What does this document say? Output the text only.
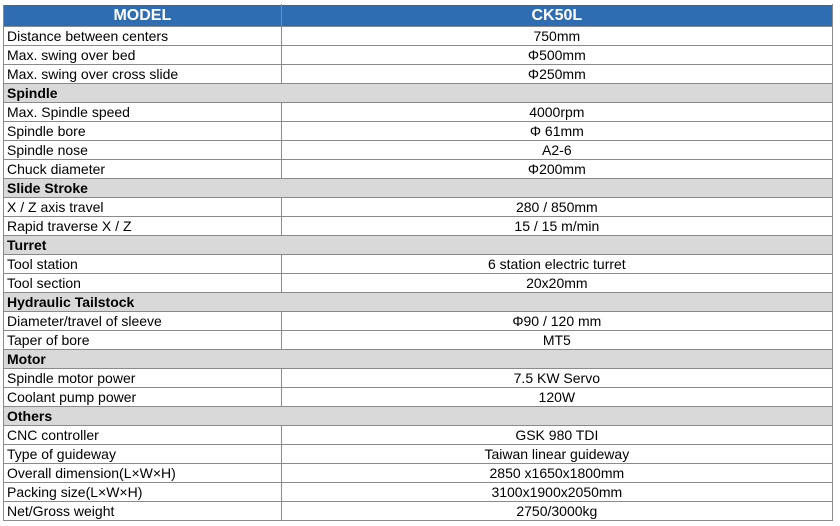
MODEL	CK50L
Distance between centers	750mm
Max. swing over bed	Φ500mm
Max. swing over cross slide	Φ250mm
Spindle	
Max. Spindle speed	4000rpm
Spindle bore	Φ 61mm
Spindle nose	A2-6
Chuck diameter	Φ200mm
Slide Stroke	
X / Z axis travel	280 / 850mm
Rapid traverse X / Z	15 / 15 m/min
Turret	
Tool station	6 station electric turret
Tool section	20x20mm
Hydraulic Tailstock	
Diameter/travel of sleeve	Φ90 / 120 mm
Taper of bore	MT5
Motor	
Spindle motor power	7.5 KW Servo
Coolant pump power	120W
Others	
CNC controller	GSK 980 TDI
Type of guideway	Taiwan linear guideway
Overall dimension(L×W×H)	2850 x1650x1800mm
Packing size(L×W×H)	3100x1900x2050mm
Net/Gross weight	2750/3000kg
